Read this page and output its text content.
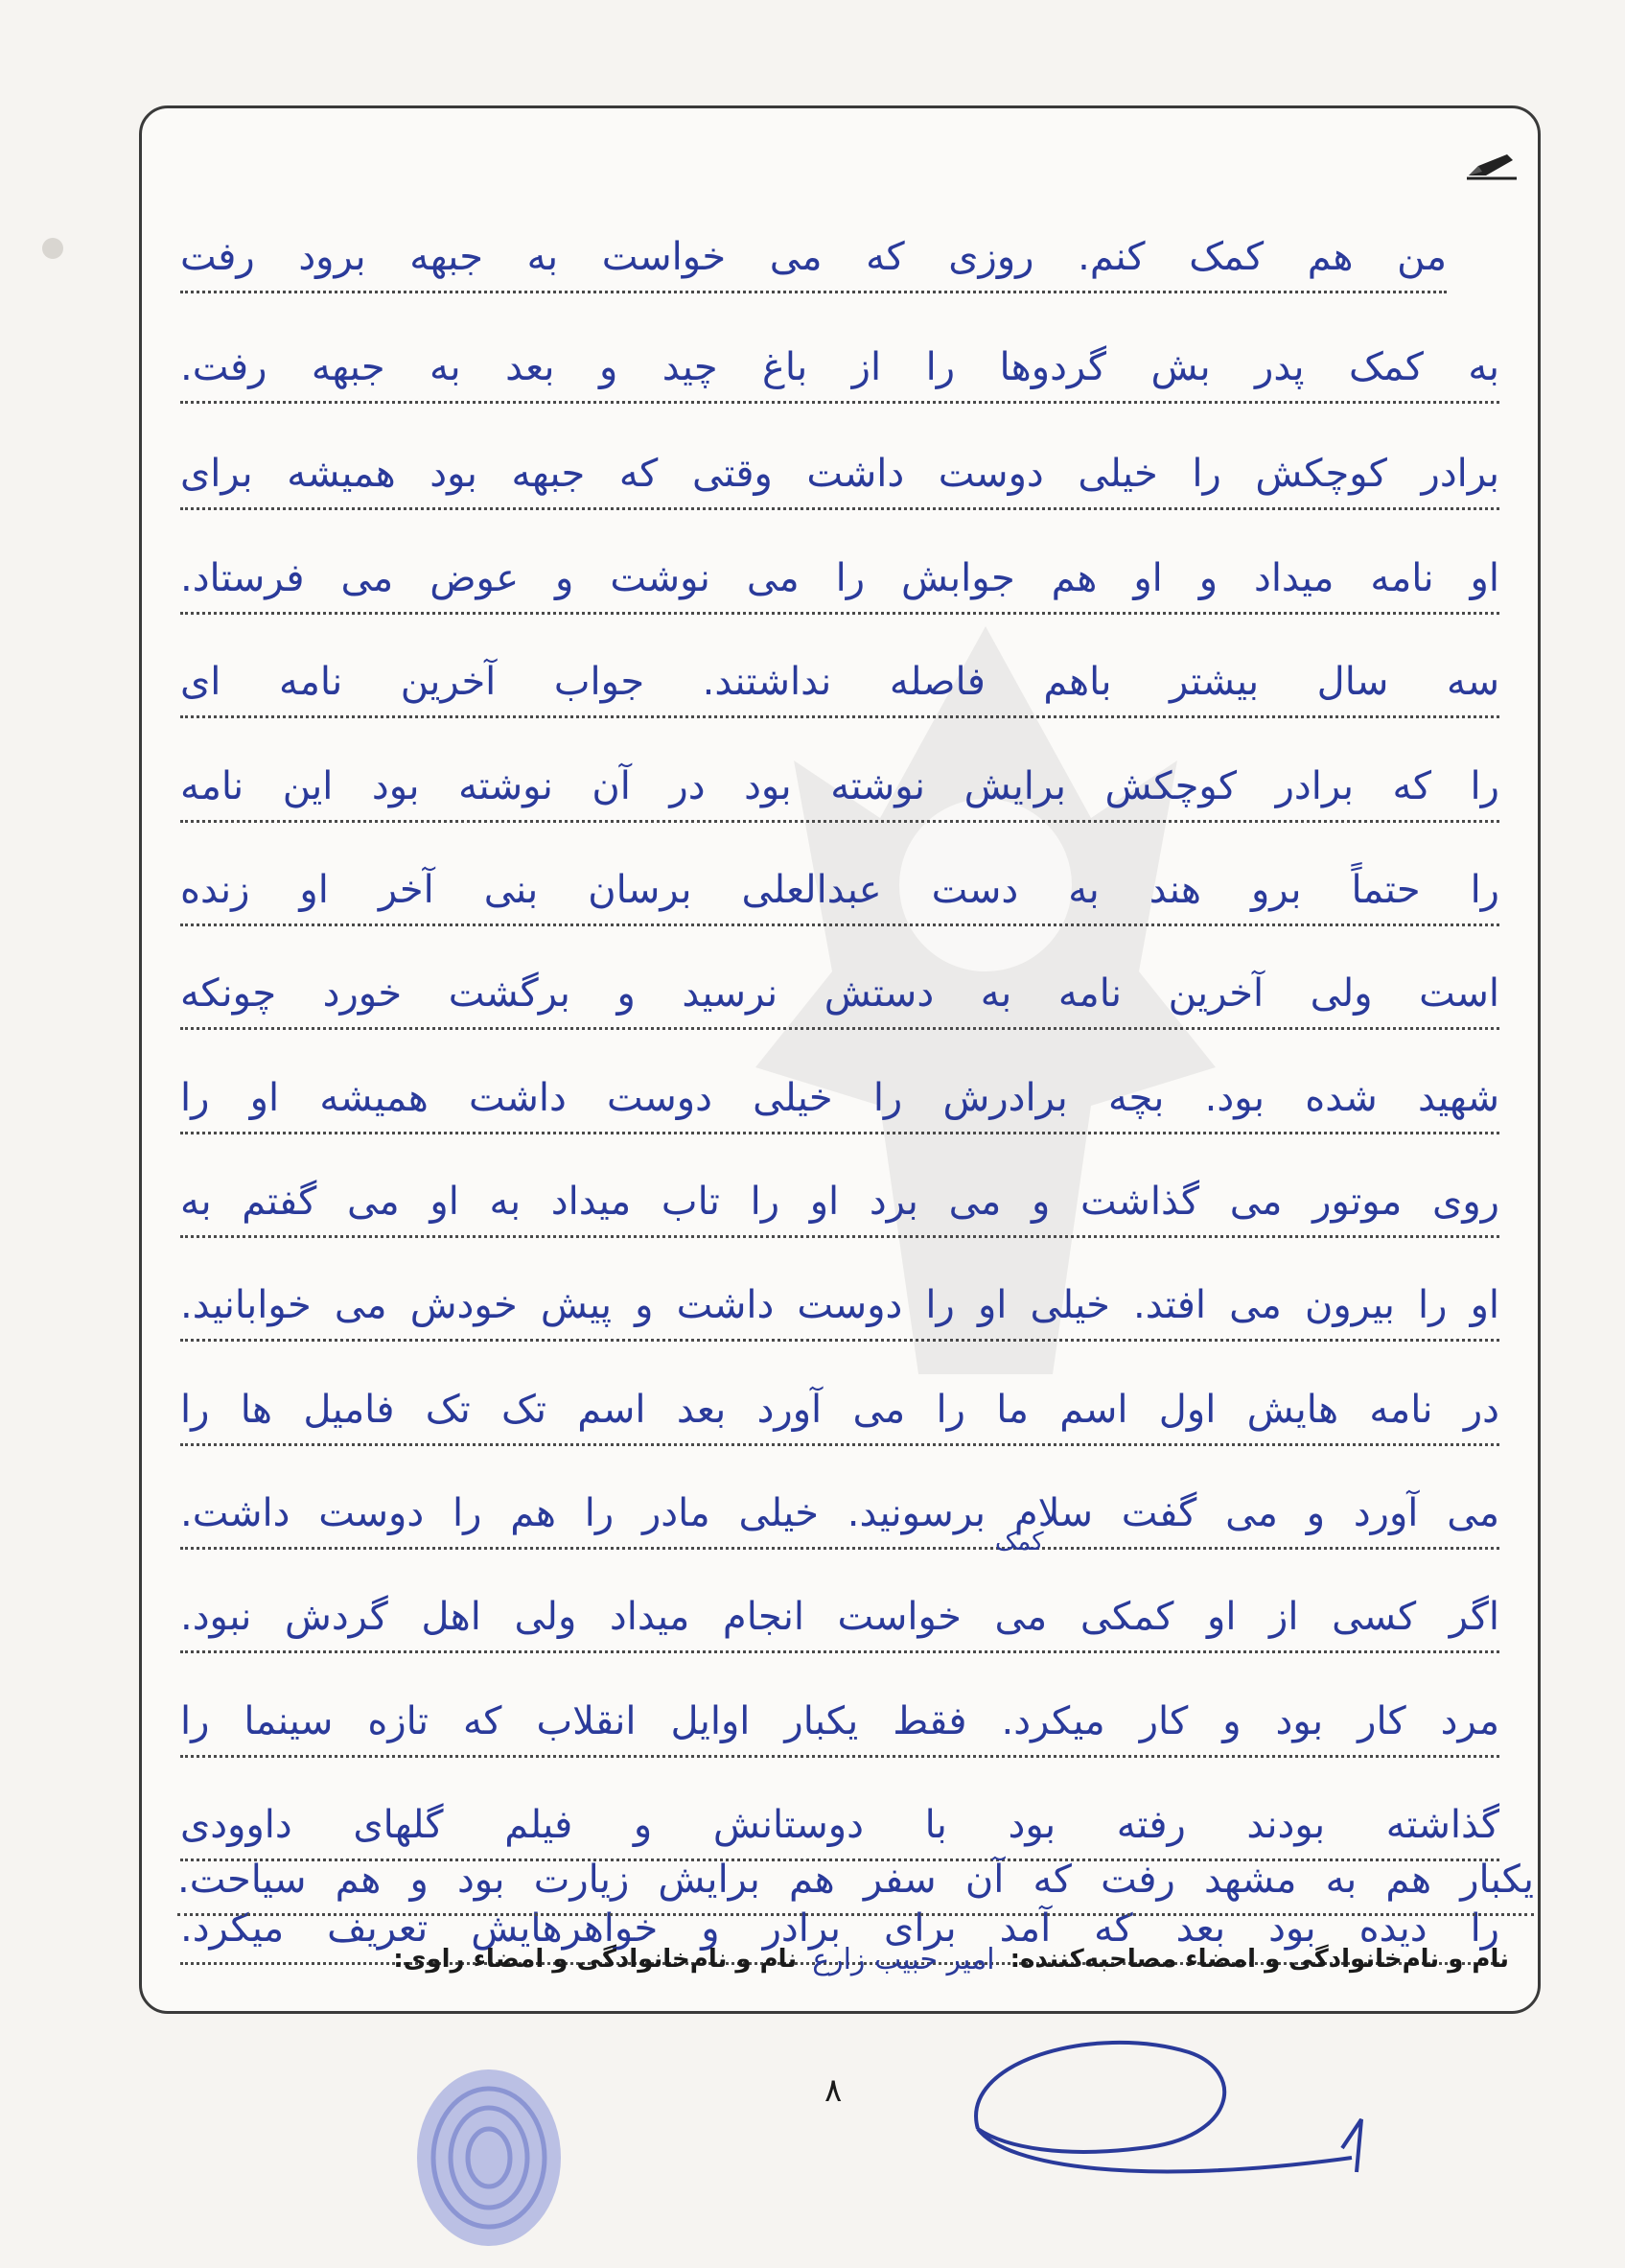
من هم کمک کنم. روزی که می خواست به جبهه برود رفت
به کمک پدر بش گردوها را از باغ چید و بعد به جبهه رفت.
برادر کوچکش را خیلی دوست داشت وقتی که جبهه بود همیشه برای
او نامه میداد و او هم جوابش را می نوشت و عوض می فرستاد.
سه سال بیشتر باهم فاصله نداشتند. جواب آخرین نامه ای
را که برادر کوچکش برایش نوشته بود در آن نوشته بود این نامه
را حتماً برو هند به دست عبدالعلی برسان بنی آخر او زنده
است ولی آخرین نامه به دستش نرسید و برگشت خورد چونکه
شهید شده بود. بچه برادرش را خیلی دوست داشت همیشه او را
روی موتور می گذاشت و می برد او را تاب میداد به او می گفتم به
او را بیرون می افتد. خیلی او را دوست داشت و پیش خودش می خوابانید.
در نامه هایش اول اسم ما را می آورد بعد اسم تک تک فامیل ها را
می آورد و می گفت سلام برسونید. خیلی مادر را هم را دوست داشت.
اگر کسی از او کمکی می خواست انجام میداد ولی اهل گردش نبود.
مرد کار بود و کار میکرد. فقط یکبار اوایل انقلاب که تازه سینما را
گذاشته بودند رفته بود با دوستانش و فیلم گلهای داوودی
را دیده بود بعد که آمد برای برادر و خواهرهایش تعریف میکرد.
کمک
نام و نام‌خانوادگی و امضاء مصاحبه‌کننده:
امیر حبیب زارع
نام و نام‌خانوادگی و امضاء راوی:
یکبار هم به مشهد رفت که آن سفر هم برایش زیارت بود و هم سیاحت.
۸
